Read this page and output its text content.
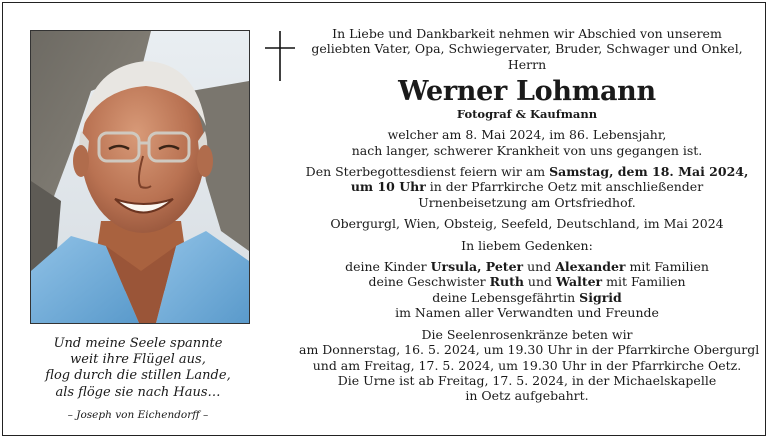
Und meine Seele spannte
weit ihre Flügel aus,
flog durch die stillen Lande,
als flöge sie nach Haus…
– Joseph von Eichendorff –
In Liebe und Dankbarkeit nehmen wir Abschied von unserem
geliebten Vater, Opa, Schwiegervater, Bruder, Schwager und Onkel,
Herrn
Werner Lohmann
Fotograf & Kaufmann
welcher am 8. Mai 2024, im 86. Lebensjahr,
nach langer, schwerer Krankheit von uns gegangen ist.
Den Sterbegottesdienst feiern wir am Samstag, dem 18. Mai 2024,
um 10 Uhr in der Pfarrkirche Oetz mit anschließender
Urnenbeisetzung am Ortsfriedhof.
Obergurgl, Wien, Obsteig, Seefeld, Deutschland, im Mai 2024
In liebem Gedenken:
deine Kinder Ursula, Peter und Alexander mit Familien
deine Geschwister Ruth und Walter mit Familien
deine Lebensgefährtin Sigrid
im Namen aller Verwandten und Freunde
Die Seelenrosenkränze beten wir
am Donnerstag, 16. 5. 2024, um 19.30 Uhr in der Pfarrkirche Obergurgl
und am Freitag, 17. 5. 2024, um 19.30 Uhr in der Pfarrkirche Oetz.
Die Urne ist ab Freitag, 17. 5. 2024, in der Michaelskapelle
in Oetz aufgebahrt.
